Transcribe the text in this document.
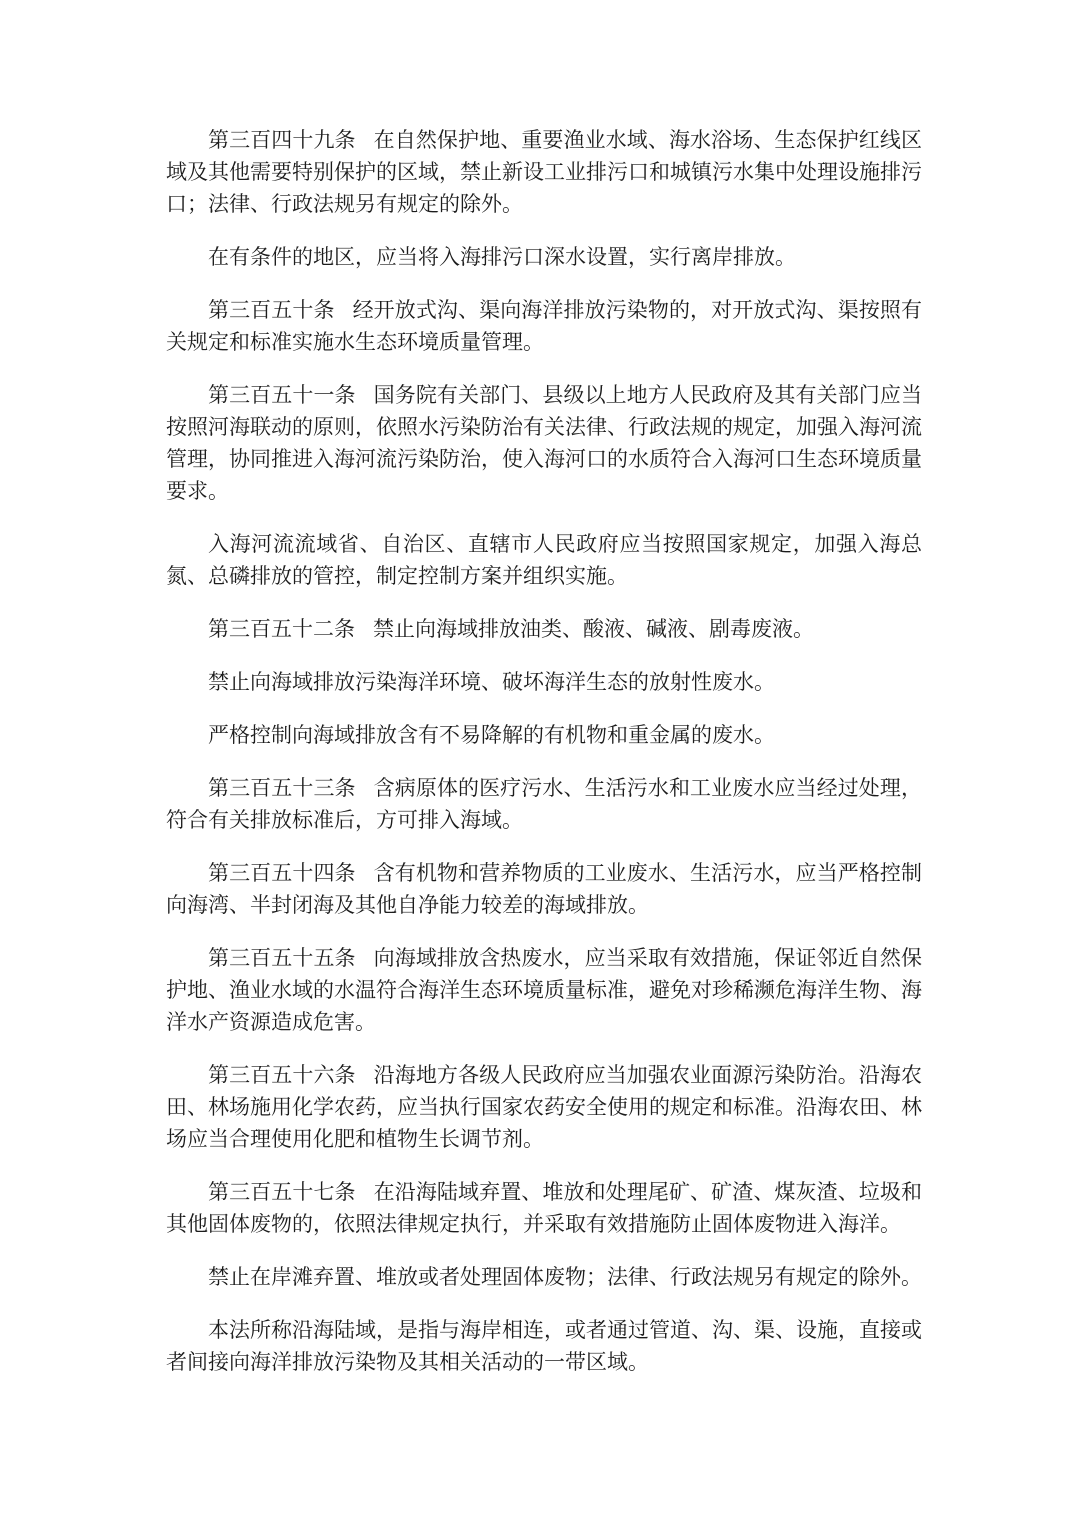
第三百四十九条 在自然保护地、重要渔业水域、海水浴场、生态保护红线区域及其他需要特别保护的区域，禁止新设工业排污口和城镇污水集中处理设施排污口；法律、行政法规另有规定的除外。

在有条件的地区，应当将入海排污口深水设置，实行离岸排放。

第三百五十条 经开放式沟、渠向海洋排放污染物的，对开放式沟、渠按照有关规定和标准实施水生态环境质量管理。

第三百五十一条 国务院有关部门、县级以上地方人民政府及其有关部门应当按照河海联动的原则，依照水污染防治有关法律、行政法规的规定，加强入海河流管理，协同推进入海河流污染防治，使入海河口的水质符合入海河口生态环境质量要求。

入海河流流域省、自治区、直辖市人民政府应当按照国家规定，加强入海总氮、总磷排放的管控，制定控制方案并组织实施。

第三百五十二条 禁止向海域排放油类、酸液、碱液、剧毒废液。

禁止向海域排放污染海洋环境、破坏海洋生态的放射性废水。

严格控制向海域排放含有不易降解的有机物和重金属的废水。

第三百五十三条 含病原体的医疗污水、生活污水和工业废水应当经过处理，符合有关排放标准后，方可排入海域。

第三百五十四条 含有机物和营养物质的工业废水、生活污水，应当严格控制向海湾、半封闭海及其他自净能力较差的海域排放。

第三百五十五条 向海域排放含热废水，应当采取有效措施，保证邻近自然保护地、渔业水域的水温符合海洋生态环境质量标准，避免对珍稀濒危海洋生物、海洋水产资源造成危害。

第三百五十六条 沿海地方各级人民政府应当加强农业面源污染防治。沿海农田、林场施用化学农药，应当执行国家农药安全使用的规定和标准。沿海农田、林场应当合理使用化肥和植物生长调节剂。

第三百五十七条 在沿海陆域弃置、堆放和处理尾矿、矿渣、煤灰渣、垃圾和其他固体废物的，依照法律规定执行，并采取有效措施防止固体废物进入海洋。

禁止在岸滩弃置、堆放或者处理固体废物；法律、行政法规另有规定的除外。

本法所称沿海陆域，是指与海岸相连，或者通过管道、沟、渠、设施，直接或者间接向海洋排放污染物及其相关活动的一带区域。
